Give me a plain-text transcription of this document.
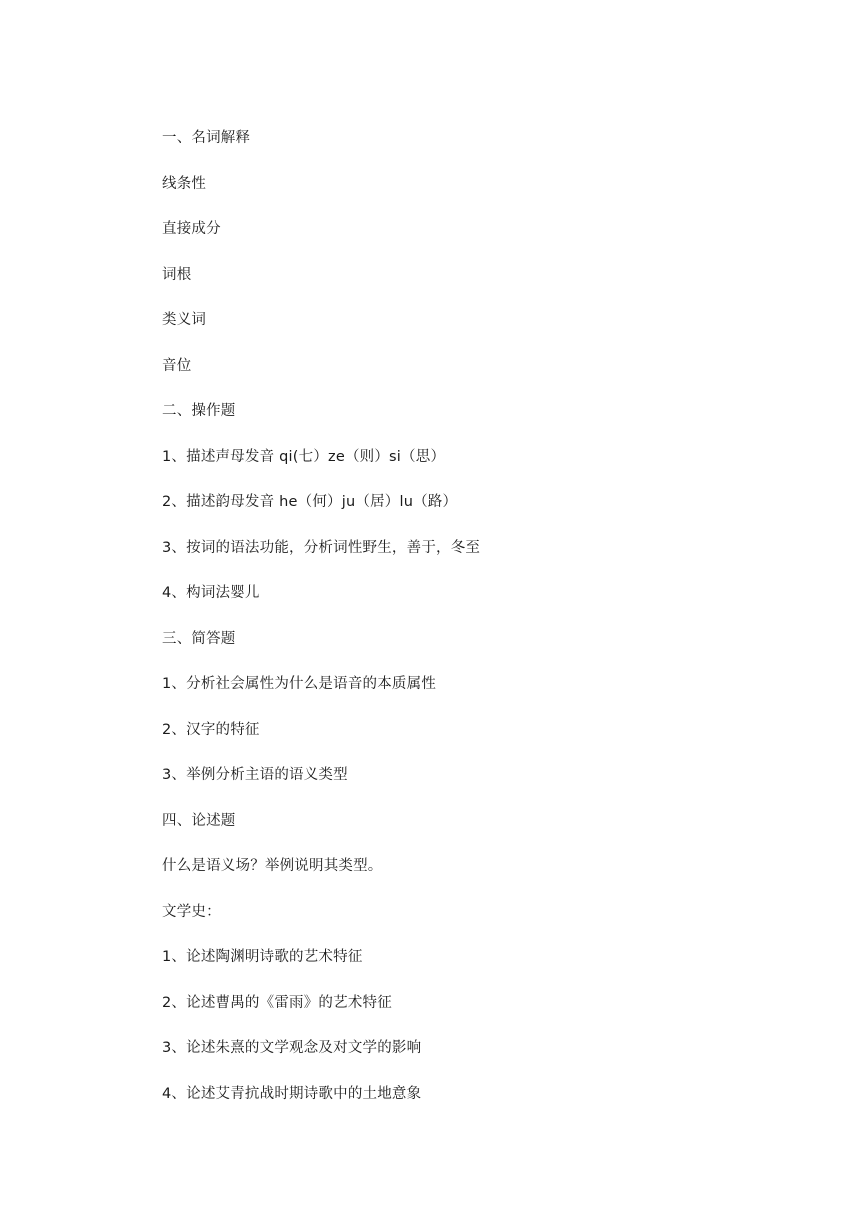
一、名词解释
线条性
直接成分
词根
类义词
音位
二、操作题
1、描述声母发音 qi(七）ze（则）si（思）
2、描述韵母发音 he（何）ju（居）lu（路）
3、按词的语法功能，分析词性野生，善于，冬至
4、构词法婴儿
三、简答题
1、分析社会属性为什么是语音的本质属性
2、汉字的特征
3、举例分析主语的语义类型
四、论述题
什么是语义场？举例说明其类型。
文学史：
1、论述陶渊明诗歌的艺术特征
2、论述曹禺的《雷雨》的艺术特征
3、论述朱熹的文学观念及对文学的影响
4、论述艾青抗战时期诗歌中的土地意象
